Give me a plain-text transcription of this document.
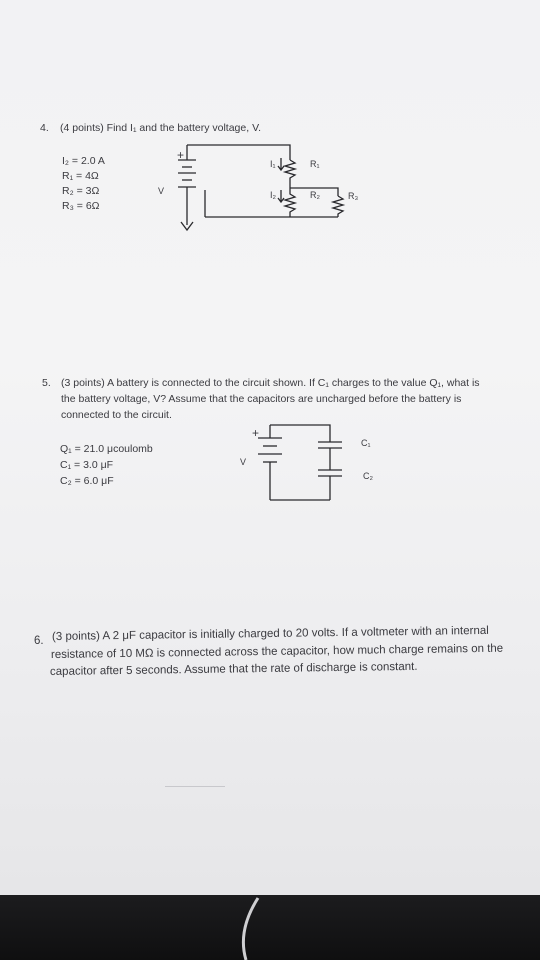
4. (4 points) Find I₁ and the battery voltage, V.
I₂ = 2.0 A
R₁ = 4Ω
R₂ = 3Ω
R₃ = 6Ω
+
V
I₁	R₁
I₂	R₂	R₃
5. (3 points) A battery is connected to the circuit shown. If C₁ charges to the value Q₁, what is
the battery voltage, V? Assume that the capacitors are uncharged before the battery is
connected to the circuit.
Q₁ = 21.0 μcoulomb
C₁ = 3.0 μF
C₂ = 6.0 μF
+
V
C₁
C₂
6. (3 points) A 2 μF capacitor is initially charged to 20 volts. If a voltmeter with an internal
resistance of 10 MΩ is connected across the capacitor, how much charge remains on the
capacitor after 5 seconds. Assume that the rate of discharge is constant.
